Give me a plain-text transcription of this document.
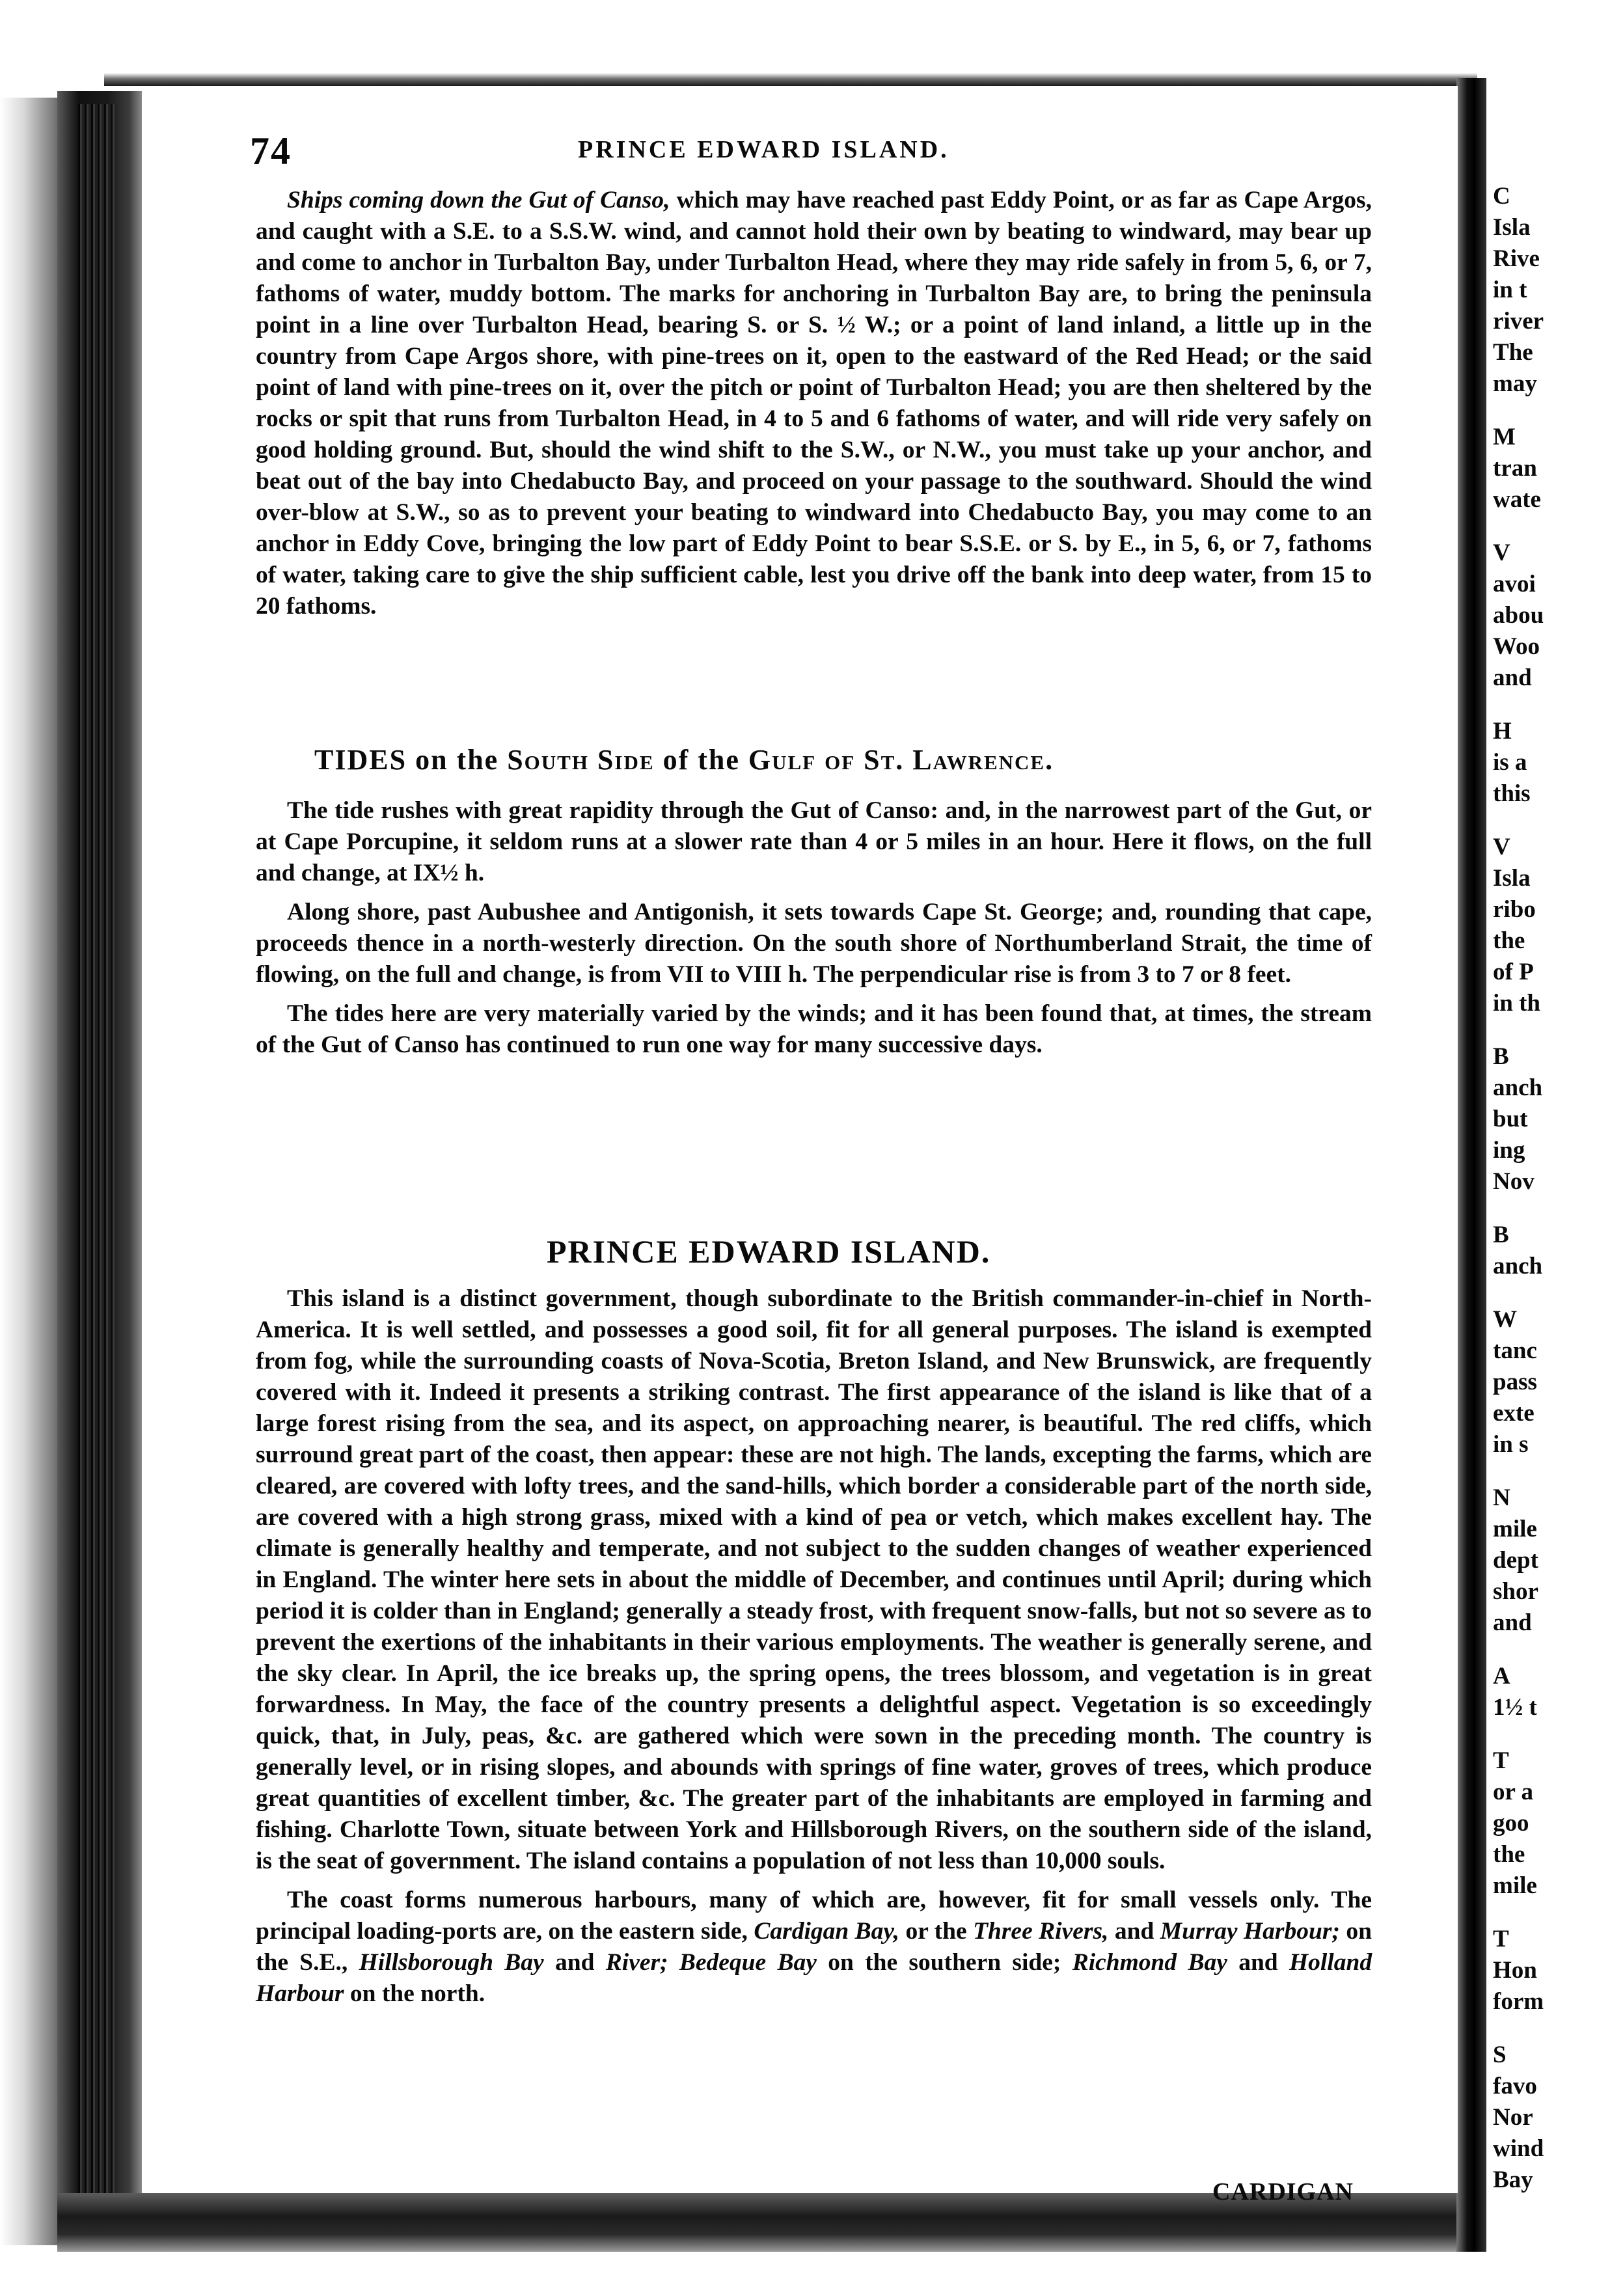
74	PRINCE EDWARD ISLAND.

Ships coming down the Gut of Canso, which may have reached past Eddy Point, or as far as Cape Argos, and caught with a S.E. to a S.S.W. wind, and cannot hold their own by beating to windward, may bear up and come to anchor in Turbalton Bay, under Turbalton Head, where they may ride safely in from 5, 6, or 7, fathoms of water, muddy bottom. The marks for anchoring in Turbalton Bay are, to bring the peninsula point in a line over Turbalton Head, bearing S. or S. ½ W.; or a point of land inland, a little up in the country from Cape Argos shore, with pine-trees on it, open to the eastward of the Red Head; or the said point of land with pine-trees on it, over the pitch or point of Turbalton Head; you are then sheltered by the rocks or spit that runs from Turbalton Head, in 4 to 5 and 6 fathoms of water, and will ride very safely on good holding ground. But, should the wind shift to the S.W., or N.W., you must take up your anchor, and beat out of the bay into Chedabucto Bay, and proceed on your passage to the southward. Should the wind over-blow at S.W., so as to prevent your beating to windward into Chedabucto Bay, you may come to an anchor in Eddy Cove, bringing the low part of Eddy Point to bear S.S.E. or S. by E., in 5, 6, or 7, fathoms of water, taking care to give the ship sufficient cable, lest you drive off the bank into deep water, from 15 to 20 fathoms.

TIDES on the South Side of the Gulf of St. Lawrence.

The tide rushes with great rapidity through the Gut of Canso: and, in the narrowest part of the Gut, or at Cape Porcupine, it seldom runs at a slower rate than 4 or 5 miles in an hour. Here it flows, on the full and change, at IX½ h.

Along shore, past Aubushee and Antigonish, it sets towards Cape St. George; and, rounding that cape, proceeds thence in a north-westerly direction. On the south shore of Northumberland Strait, the time of flowing, on the full and change, is from VII to VIII h. The perpendicular rise is from 3 to 7 or 8 feet.

The tides here are very materially varied by the winds; and it has been found that, at times, the stream of the Gut of Canso has continued to run one way for many successive days.

PRINCE EDWARD ISLAND.

This island is a distinct government, though subordinate to the British commander-in-chief in North-America. It is well settled, and possesses a good soil, fit for all general purposes. The island is exempted from fog, while the surrounding coasts of Nova-Scotia, Breton Island, and New Brunswick, are frequently covered with it. Indeed it presents a striking contrast. The first appearance of the island is like that of a large forest rising from the sea, and its aspect, on approaching nearer, is beautiful. The red cliffs, which surround great part of the coast, then appear: these are not high. The lands, excepting the farms, which are cleared, are covered with lofty trees, and the sand-hills, which border a considerable part of the north side, are covered with a high strong grass, mixed with a kind of pea or vetch, which makes excellent hay. The climate is generally healthy and temperate, and not subject to the sudden changes of weather experienced in England. The winter here sets in about the middle of December, and continues until April; during which period it is colder than in England; generally a steady frost, with frequent snow-falls, but not so severe as to prevent the exertions of the inhabitants in their various employments. The weather is generally serene, and the sky clear. In April, the ice breaks up, the spring opens, the trees blossom, and vegetation is in great forwardness. In May, the face of the country presents a delightful aspect. Vegetation is so exceedingly quick, that, in July, peas, &c. are gathered which were sown in the preceding month. The country is generally level, or in rising slopes, and abounds with springs of fine water, groves of trees, which produce great quantities of excellent timber, &c. The greater part of the inhabitants are employed in farming and fishing. Charlotte Town, situate between York and Hillsborough Rivers, on the southern side of the island, is the seat of government. The island contains a population of not less than 10,000 souls.

The coast forms numerous harbours, many of which are, however, fit for small vessels only. The principal loading-ports are, on the eastern side, Cardigan Bay, or the Three Rivers, and Murray Harbour; on the S.E., Hillsborough Bay and River; Bedeque Bay on the southern side; Richmond Bay and Holland Harbour on the north.

CARDIGAN
C
Isla
Rive
in t
river
The
may
M
tran
wate
V
avoi
abou
Woo
and
H
is a
this
V
Isla
ribo
the
of P
in th
B
anch
but
ing
Nov
B
anch
W
tanc
pass
exte
in s
N
mile
dept
shor
and
A
1½ t
T
or a
goo
the
mile
T
Hon
form
S
favo
Nor
wind
Bay
